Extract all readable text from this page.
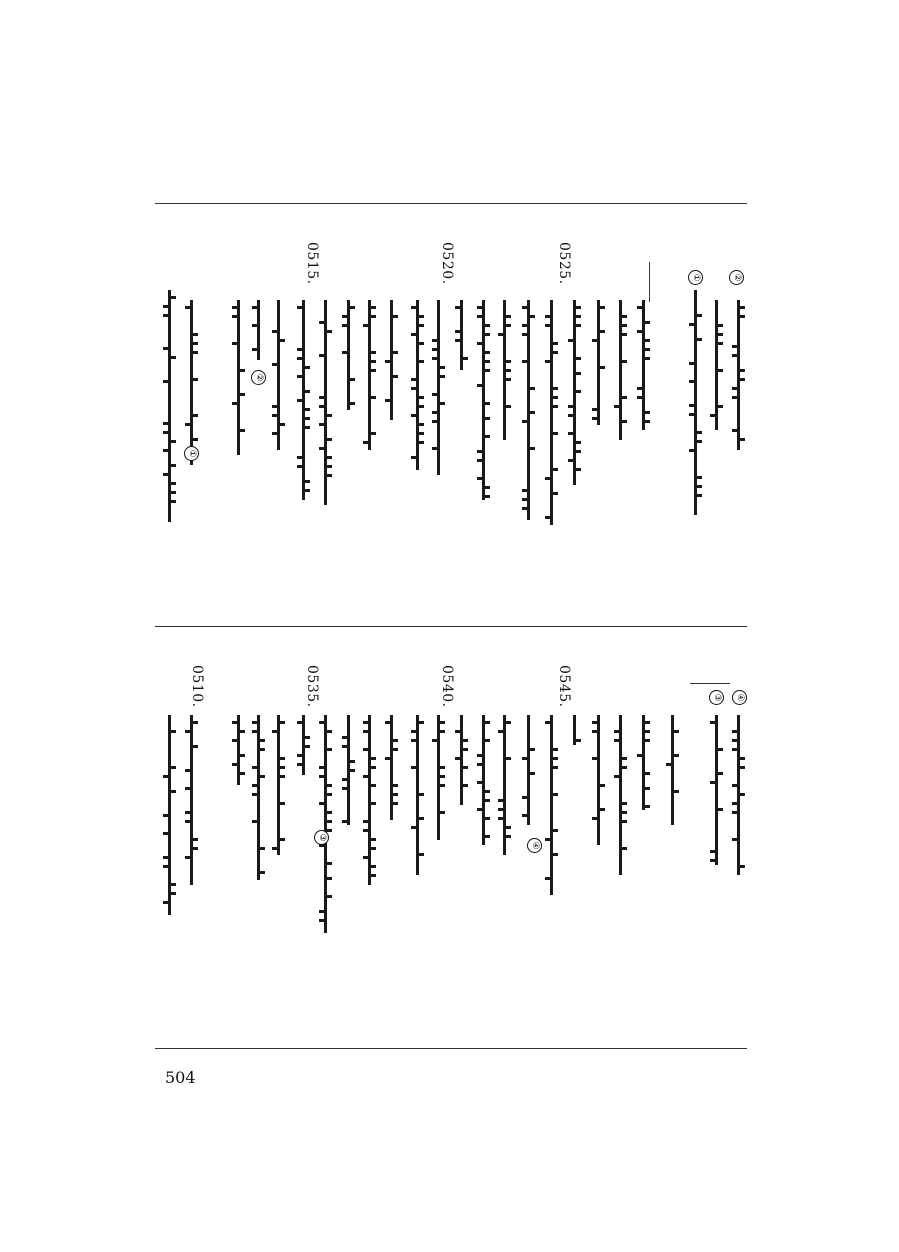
0510.
0515.	0520.	0525.
0535.	0540.	0545.
①	②
③	④
①
②
③
④
504
